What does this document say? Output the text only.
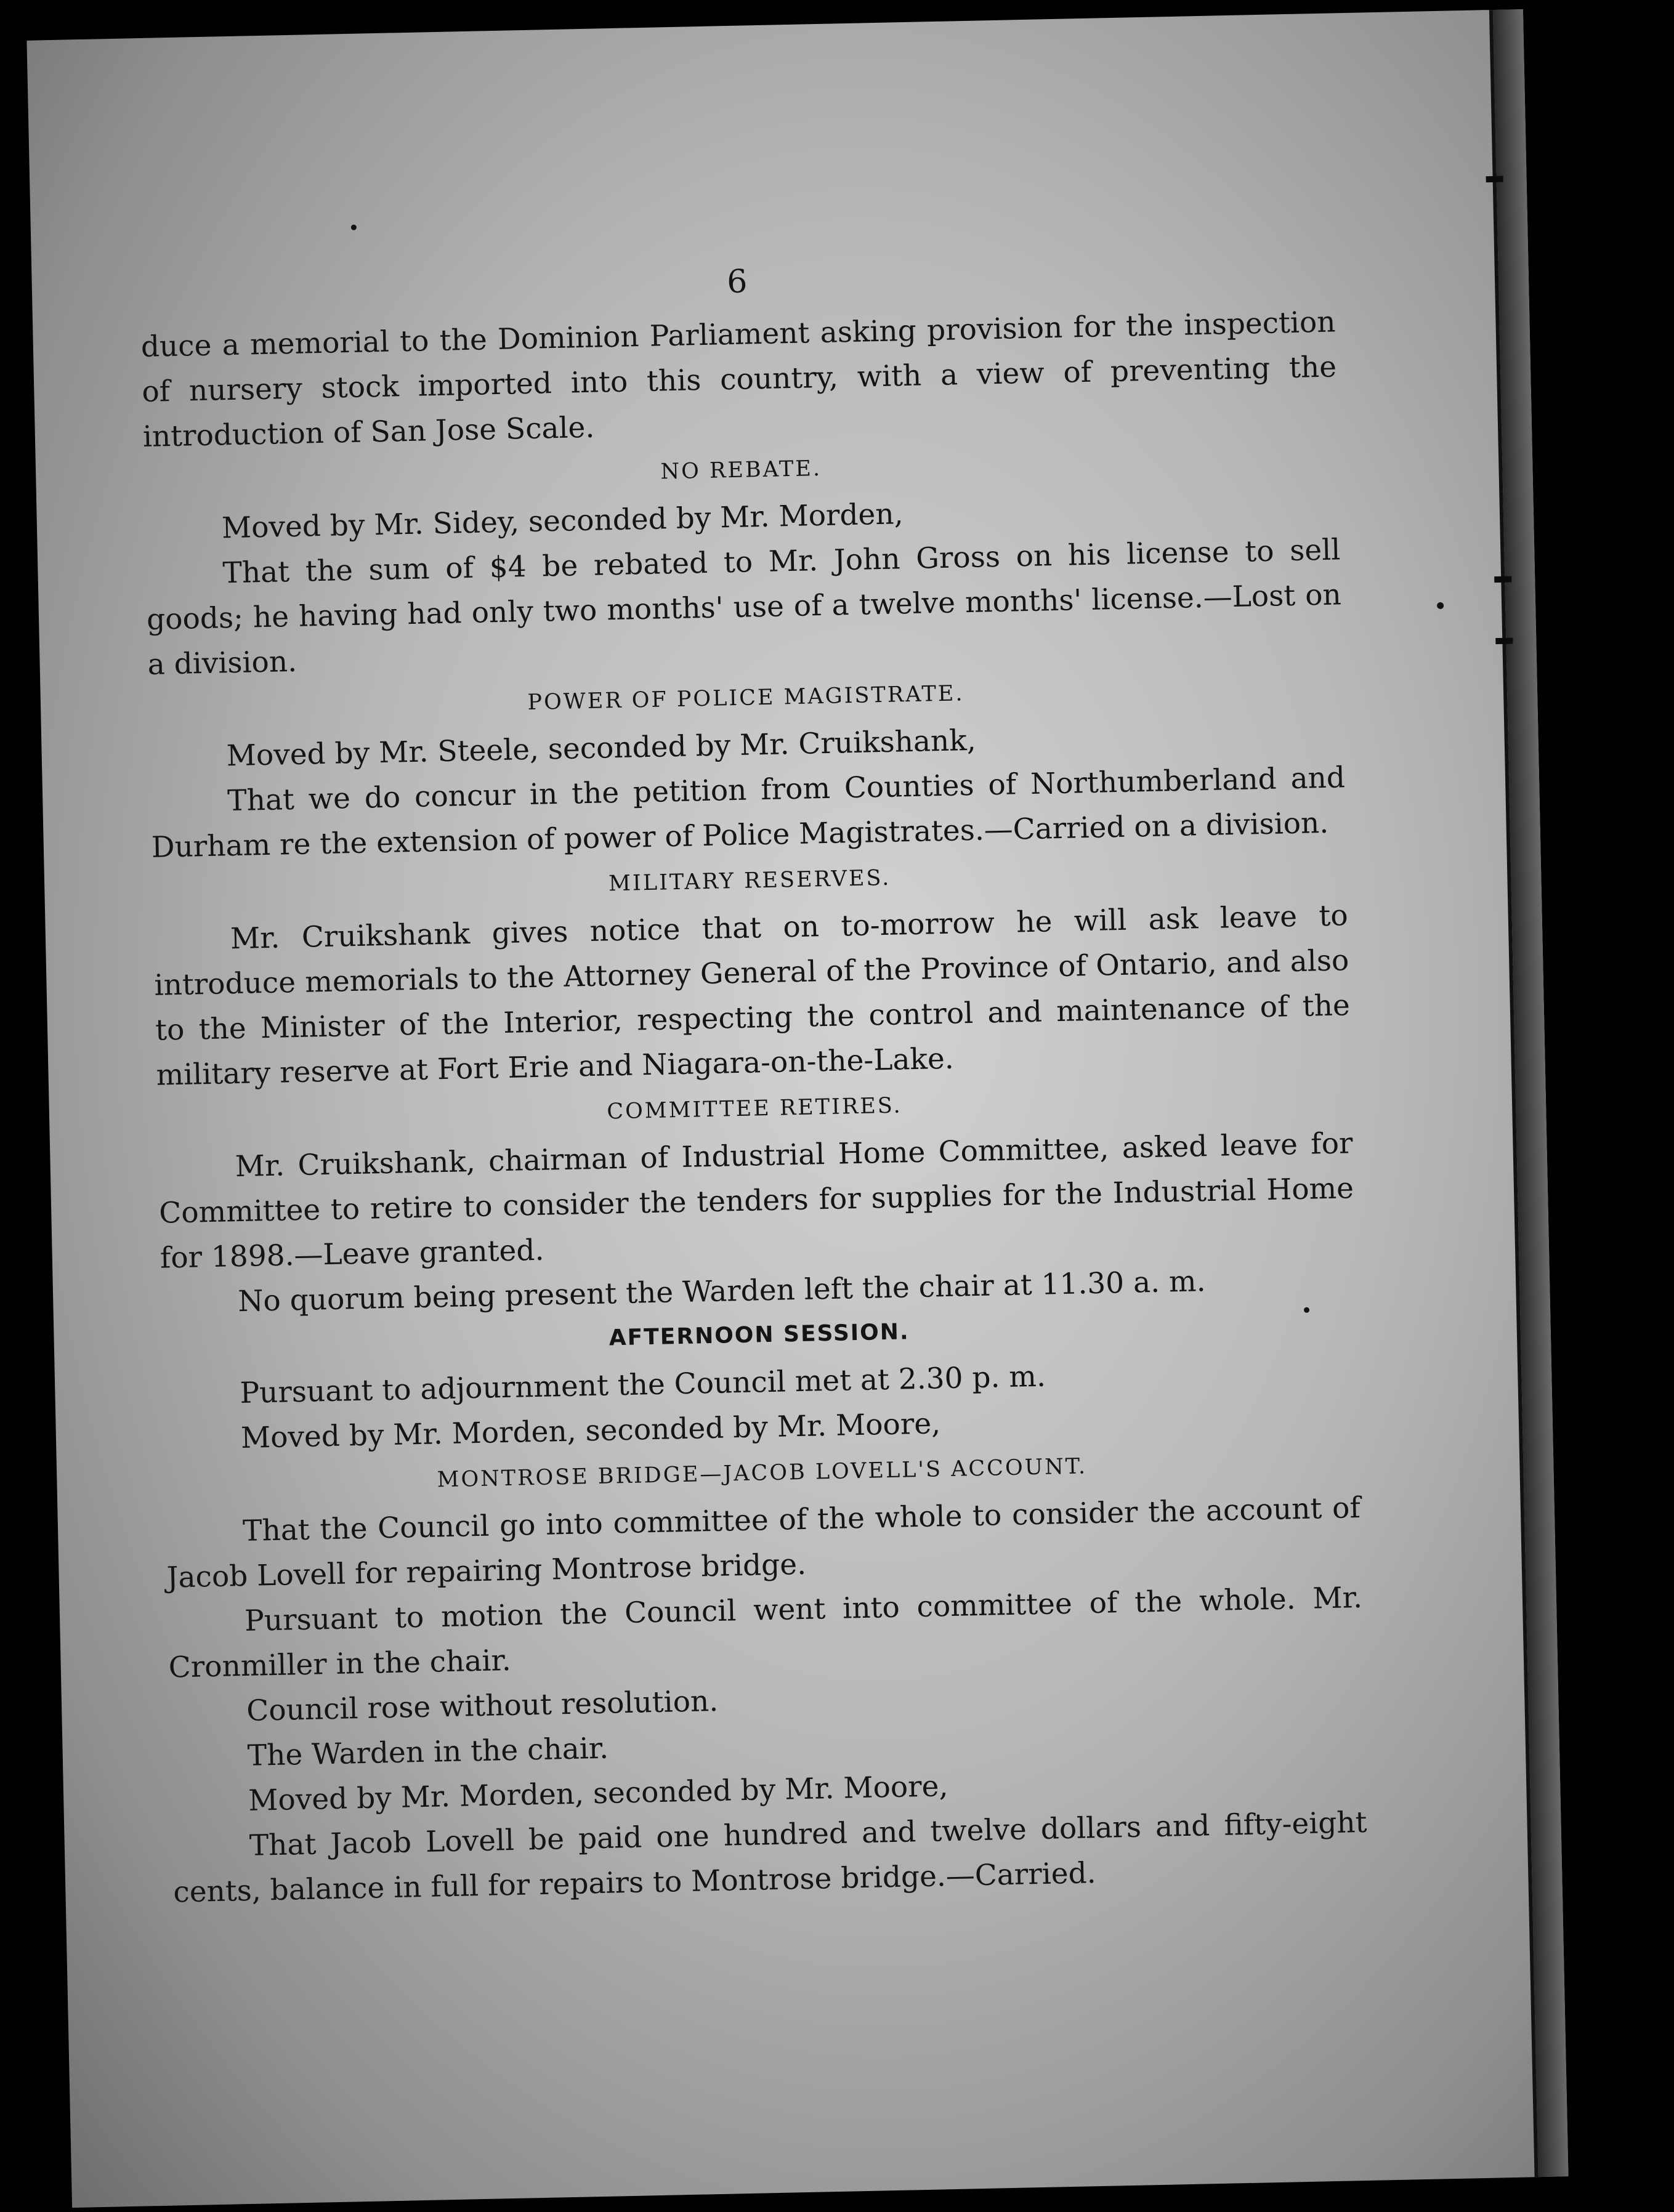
6

duce a memorial to the Dominion Parliament asking provision for the inspection of nursery stock imported into this country, with a view of preventing the introduction of San Jose Scale.

NO REBATE.

Moved by Mr. Sidey, seconded by Mr. Morden,

That the sum of $4 be rebated to Mr. John Gross on his license to sell goods; he having had only two months' use of a twelve months' license.—Lost on a division.

POWER OF POLICE MAGISTRATE.

Moved by Mr. Steele, seconded by Mr. Cruikshank,

That we do concur in the petition from Counties of Northumberland and Durham re the extension of power of Police Magistrates.—Carried on a division.

MILITARY RESERVES.

Mr. Cruikshank gives notice that on to-morrow he will ask leave to introduce memorials to the Attorney General of the Province of Ontario, and also to the Minister of the Interior, respecting the control and maintenance of the military reserve at Fort Erie and Niagara-on-the-Lake.

COMMITTEE RETIRES.

Mr. Cruikshank, chairman of Industrial Home Committee, asked leave for Committee to retire to consider the tenders for supplies for the Industrial Home for 1898.—Leave granted.

No quorum being present the Warden left the chair at 11.30 a. m.

AFTERNOON SESSION.

Pursuant to adjournment the Council met at 2.30 p. m.

Moved by Mr. Morden, seconded by Mr. Moore,

MONTROSE BRIDGE—JACOB LOVELL'S ACCOUNT.

That the Council go into committee of the whole to consider the account of Jacob Lovell for repairing Montrose bridge.

Pursuant to motion the Council went into committee of the whole. Mr. Cronmiller in the chair.

Council rose without resolution.

The Warden in the chair.

Moved by Mr. Morden, seconded by Mr. Moore,

That Jacob Lovell be paid one hundred and twelve dollars and fifty-eight cents, balance in full for repairs to Montrose bridge.—Carried.
